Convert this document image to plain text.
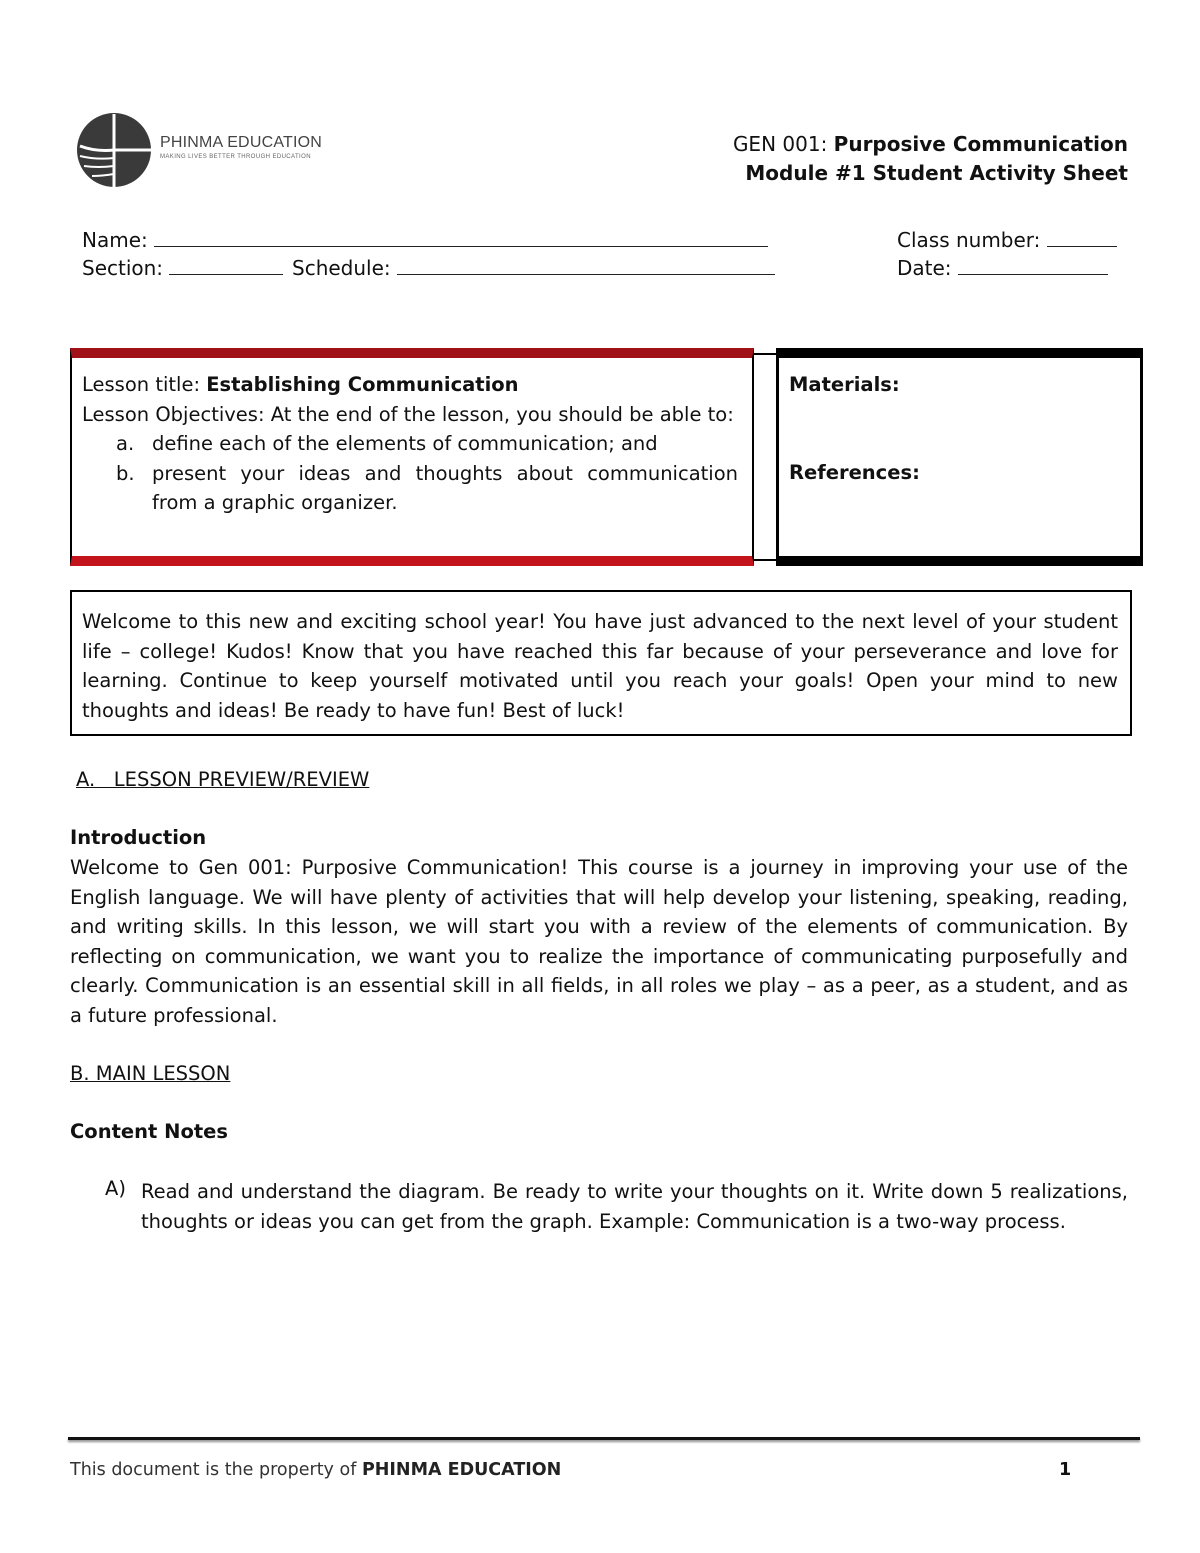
PHINMA EDUCATION
MAKING LIVES BETTER THROUGH EDUCATION
GEN 001: Purposive Communication
Module #1 Student Activity Sheet
Name:	Class number:
Section:	Schedule:	Date:
Lesson title: Establishing Communication
Lesson Objectives: At the end of the lesson, you should be able to:
a. define each of the elements of communication; and
b. present your ideas and thoughts about communication from a graphic organizer.
Materials:
References:
Welcome to this new and exciting school year! You have just advanced to the next level of your student life – college! Kudos! Know that you have reached this far because of your perseverance and love for learning. Continue to keep yourself motivated until you reach your goals! Open your mind to new thoughts and ideas! Be ready to have fun! Best of luck!
A.   LESSON PREVIEW/REVIEW
Introduction
Welcome to Gen 001: Purposive Communication! This course is a journey in improving your use of the English language. We will have plenty of activities that will help develop your listening, speaking, reading, and writing skills. In this lesson, we will start you with a review of the elements of communication. By reflecting on communication, we want you to realize the importance of communicating purposefully and clearly. Communication is an essential skill in all fields, in all roles we play – as a peer, as a student, and as a future professional.
B. MAIN LESSON
Content Notes
A) Read and understand the diagram. Be ready to write your thoughts on it. Write down 5 realizations, thoughts or ideas you can get from the graph. Example: Communication is a two-way process.
This document is the property of PHINMA EDUCATION	1
